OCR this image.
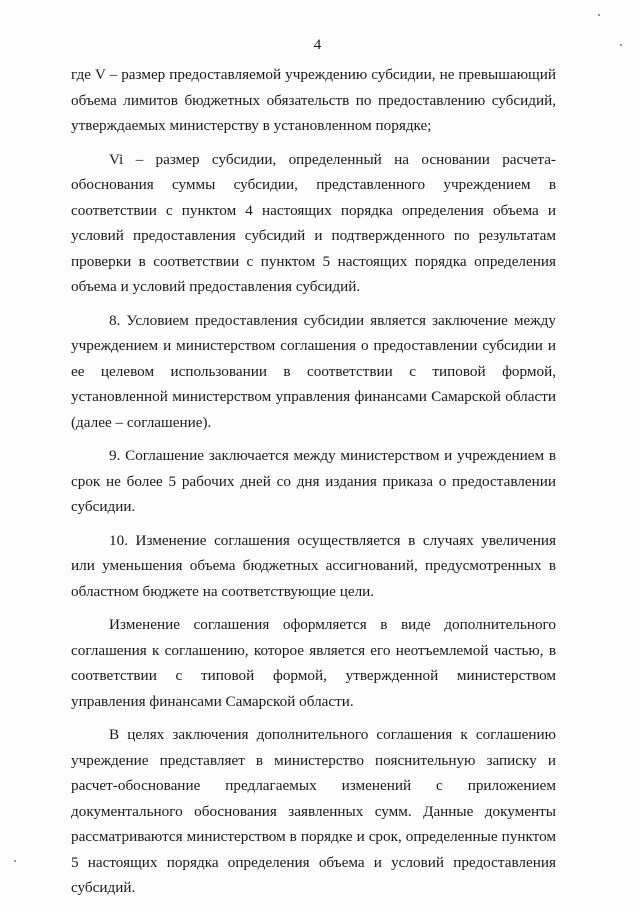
4

где V – размер предоставляемой учреждению субсидии, не превышающий объема лимитов бюджетных обязательств по предоставлению субсидий, утверждаемых министерству в установленном порядке;

Vi – размер субсидии, определенный на основании расчета-обоснования суммы субсидии, представленного учреждением в соответствии с пунктом 4 настоящих порядка определения объема и условий предоставления субсидий и подтвержденного по результатам проверки в соответствии с пунктом 5 настоящих порядка определения объема и условий предоставления субсидий.

8. Условием предоставления субсидии является заключение между учреждением и министерством соглашения о предоставлении субсидии и ее целевом использовании в соответствии с типовой формой, установленной министерством управления финансами Самарской области (далее – соглашение).

9. Соглашение заключается между министерством и учреждением в срок не более 5 рабочих дней со дня издания приказа о предоставлении субсидии.

10. Изменение соглашения осуществляется в случаях увеличения или уменьшения объема бюджетных ассигнований, предусмотренных в областном бюджете на соответствующие цели.

Изменение соглашения оформляется в виде дополнительного соглашения к соглашению, которое является его неотъемлемой частью, в соответствии с типовой формой, утвержденной министерством управления финансами Самарской области.

В целях заключения дополнительного соглашения к соглашению учреждение представляет в министерство пояснительную записку и расчет-обоснование предлагаемых изменений с приложением документального обоснования заявленных сумм. Данные документы рассматриваются министерством в порядке и срок, определенные пунктом 5 настоящих порядка определения объема и условий предоставления субсидий.
